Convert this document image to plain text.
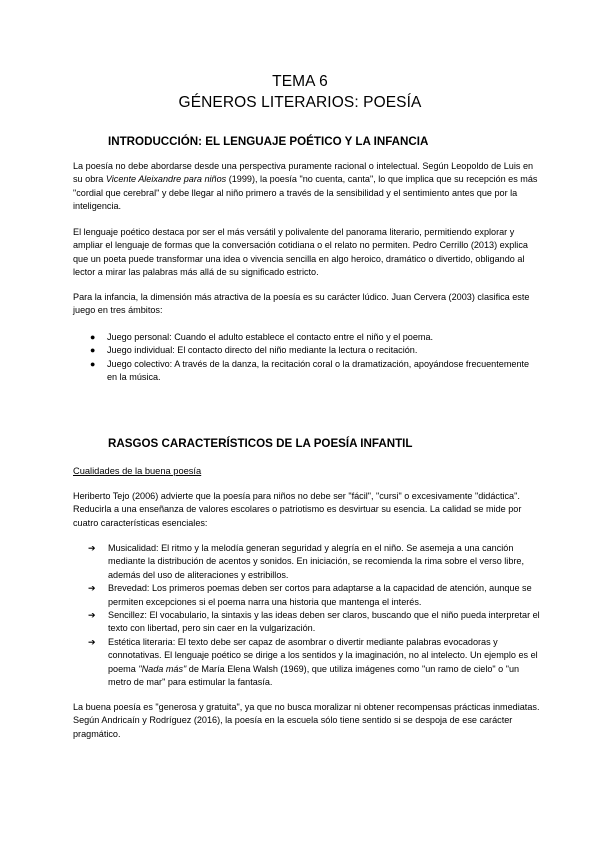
TEMA 6
GÉNEROS LITERARIOS: POESÍA
INTRODUCCIÓN: EL LENGUAJE POÉTICO Y LA INFANCIA

La poesía no debe abordarse desde una perspectiva puramente racional o intelectual. Según Leopoldo de Luis en su obra Vicente Aleixandre para niños (1999), la poesía "no cuenta, canta", lo que implica que su recepción es más "cordial que cerebral" y debe llegar al niño primero a través de la sensibilidad y el sentimiento antes que por la inteligencia.

El lenguaje poético destaca por ser el más versátil y polivalente del panorama literario, permitiendo explorar y ampliar el lenguaje de formas que la conversación cotidiana o el relato no permiten. Pedro Cerrillo (2013) explica que un poeta puede transformar una idea o vivencia sencilla en algo heroico, dramático o divertido, obligando al lector a mirar las palabras más allá de su significado estricto.

Para la infancia, la dimensión más atractiva de la poesía es su carácter lúdico. Juan Cervera (2003) clasifica este juego en tres ámbitos:

● Juego personal: Cuando el adulto establece el contacto entre el niño y el poema.
● Juego individual: El contacto directo del niño mediante la lectura o recitación.
● Juego colectivo: A través de la danza, la recitación coral o la dramatización, apoyándose frecuentemente en la música.
RASGOS CARACTERÍSTICOS DE LA POESÍA INFANTIL

Cualidades de la buena poesía

Heriberto Tejo (2006) advierte que la poesía para niños no debe ser "fácil", "cursi" o excesivamente "didáctica". Reducirla a una enseñanza de valores escolares o patriotismo es desvirtuar su esencia. La calidad se mide por cuatro características esenciales:

➔ Musicalidad: El ritmo y la melodía generan seguridad y alegría en el niño. Se asemeja a una canción mediante la distribución de acentos y sonidos. En iniciación, se recomienda la rima sobre el verso libre, además del uso de aliteraciones y estribillos.
➔ Brevedad: Los primeros poemas deben ser cortos para adaptarse a la capacidad de atención, aunque se permiten excepciones si el poema narra una historia que mantenga el interés.
➔ Sencillez: El vocabulario, la sintaxis y las ideas deben ser claros, buscando que el niño pueda interpretar el texto con libertad, pero sin caer en la vulgarización.
➔ Estética literaria: El texto debe ser capaz de asombrar o divertir mediante palabras evocadoras y connotativas. El lenguaje poético se dirige a los sentidos y la imaginación, no al intelecto. Un ejemplo es el poema "Nada más" de María Elena Walsh (1969), que utiliza imágenes como "un ramo de cielo" o "un metro de mar" para estimular la fantasía.

La buena poesía es "generosa y gratuita", ya que no busca moralizar ni obtener recompensas prácticas inmediatas. Según Andricaín y Rodríguez (2016), la poesía en la escuela sólo tiene sentido si se despoja de ese carácter pragmático.
